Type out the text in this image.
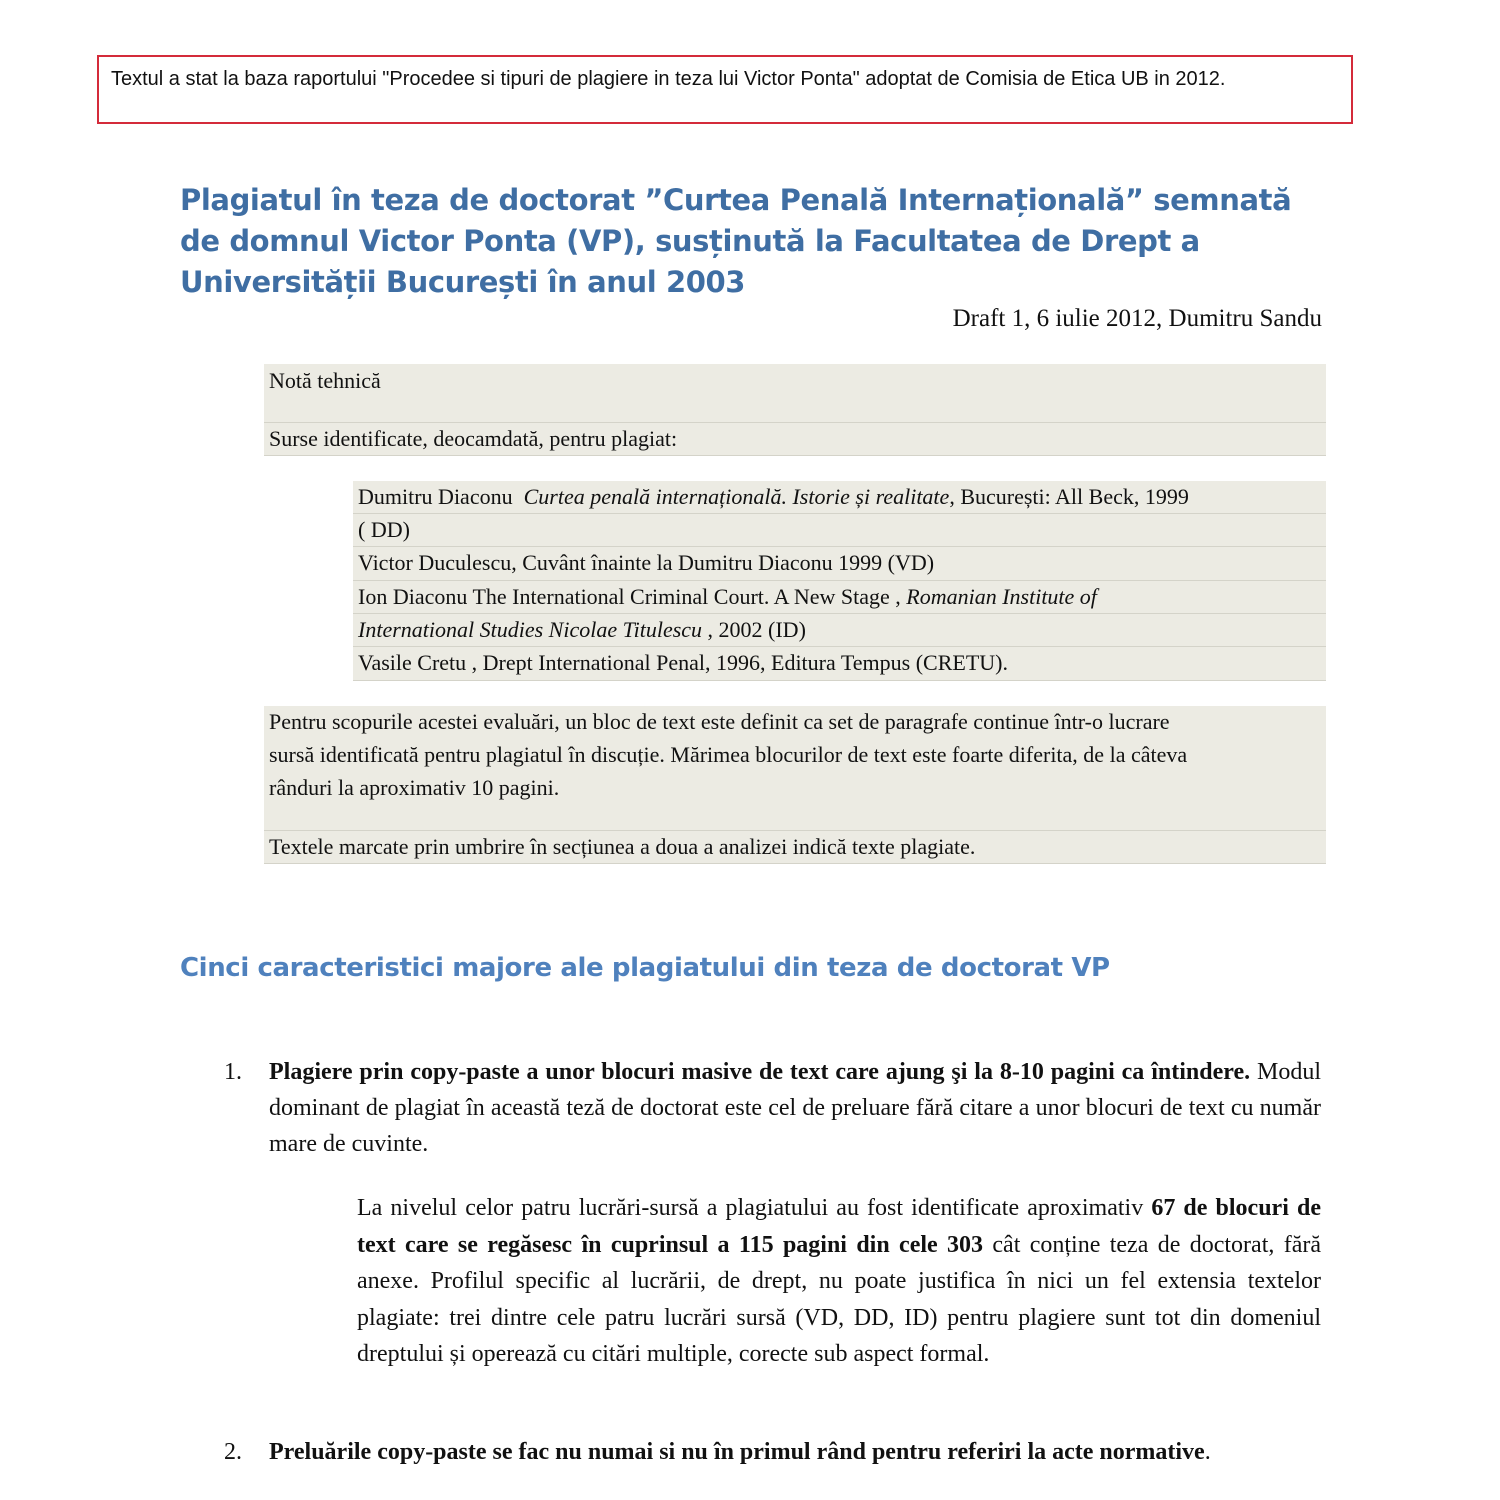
Textul a stat la baza raportului "Procedee si tipuri de plagiere in teza lui Victor Ponta" adoptat de Comisia de Etica UB in 2012.
Plagiatul în teza de doctorat ”Curtea Penală Internațională” semnată de domnul Victor Ponta (VP), susținută la Facultatea de Drept a Universității București în anul 2003
Draft 1, 6 iulie 2012, Dumitru Sandu
Notă tehnică
Surse identificate, deocamdată, pentru plagiat:
Dumitru Diaconu Curtea penală internațională. Istorie și realitate, București: All Beck, 1999
( DD)
Victor Duculescu, Cuvânt înainte la Dumitru Diaconu 1999 (VD)
Ion Diaconu The International Criminal Court. A New Stage , Romanian Institute of
International Studies Nicolae Titulescu , 2002 (ID)
Vasile Cretu , Drept International Penal, 1996, Editura Tempus (CRETU).
Pentru scopurile acestei evaluări, un bloc de text este definit ca set de paragrafe continue într-o lucrare
sursă identificată pentru plagiatul în discuție. Mărimea blocurilor de text este foarte diferita, de la câteva
rânduri la aproximativ 10 pagini.
Textele marcate prin umbrire în secțiunea a doua a analizei indică texte plagiate.
Cinci caracteristici majore ale plagiatului din teza de doctorat VP
1. Plagiere prin copy-paste a unor blocuri masive de text care ajung şi la 8-10 pagini ca întindere. Modul dominant de plagiat în această teză de doctorat este cel de preluare fără citare a unor blocuri de text cu număr mare de cuvinte.
La nivelul celor patru lucrări-sursă a plagiatului au fost identificate aproximativ 67 de blocuri de text care se regăsesc în cuprinsul a 115 pagini din cele 303 cât conține teza de doctorat, fără anexe. Profilul specific al lucrării, de drept, nu poate justifica în nici un fel extensia textelor plagiate: trei dintre cele patru lucrări sursă (VD, DD, ID) pentru plagiere sunt tot din domeniul dreptului și operează cu citări multiple, corecte sub aspect formal.
2. Preluările copy-paste se fac nu numai si nu în primul rând pentru referiri la acte normative.
